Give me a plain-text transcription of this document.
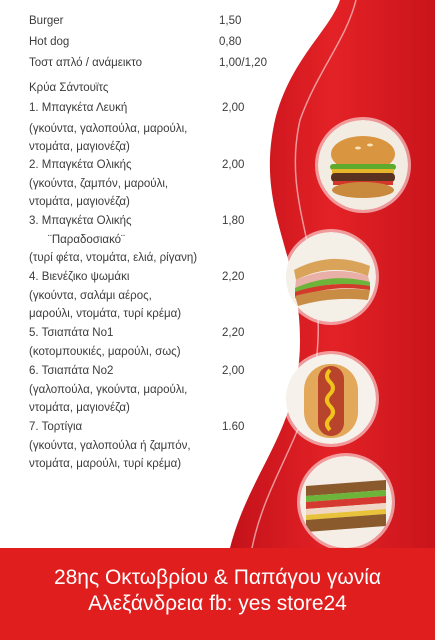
Burger	1,50
Hot dog	0,80
Τοστ απλό / ανάμεικτο	1,00/1,20
Κρύα Σάντουϊτς
1. Μπαγκέτα Λευκή	2,00
(γκούντα, γαλοπούλα, μαρούλι,
ντομάτα, μαγιονέζα)
2. Μπαγκέτα Ολικής	2,00
(γκούντα, ζαμπόν, μαρούλι,
ντομάτα, μαγιονέζα)
3. Μπαγκέτα Ολικής	1,80
¨Παραδοσιακό¨
(τυρί φέτα, ντομάτα, ελιά, ρίγανη)
4. Βιενέζικο ψωμάκι	2,20
(γκούντα, σαλάμι αέρος,
μαρούλι, ντομάτα, τυρί κρέμα)
5. Τσιαπάτα Νο1	2,20
(κοτομπουκιές, μαρούλι, σως)
6. Τσιαπάτα Νο2	2,00
(γαλοπούλα, γκούντα, μαρούλι,
ντομάτα, μαγιονέζα)
7. Τορτίγια	1.60
(γκούντα, γαλοπούλα ή ζαμπόν,
ντομάτα, μαρούλι, τυρί κρέμα)
28ης Οκτωβρίου & Παπάγου γωνία
Αλεξάνδρεια fb: yes store24
